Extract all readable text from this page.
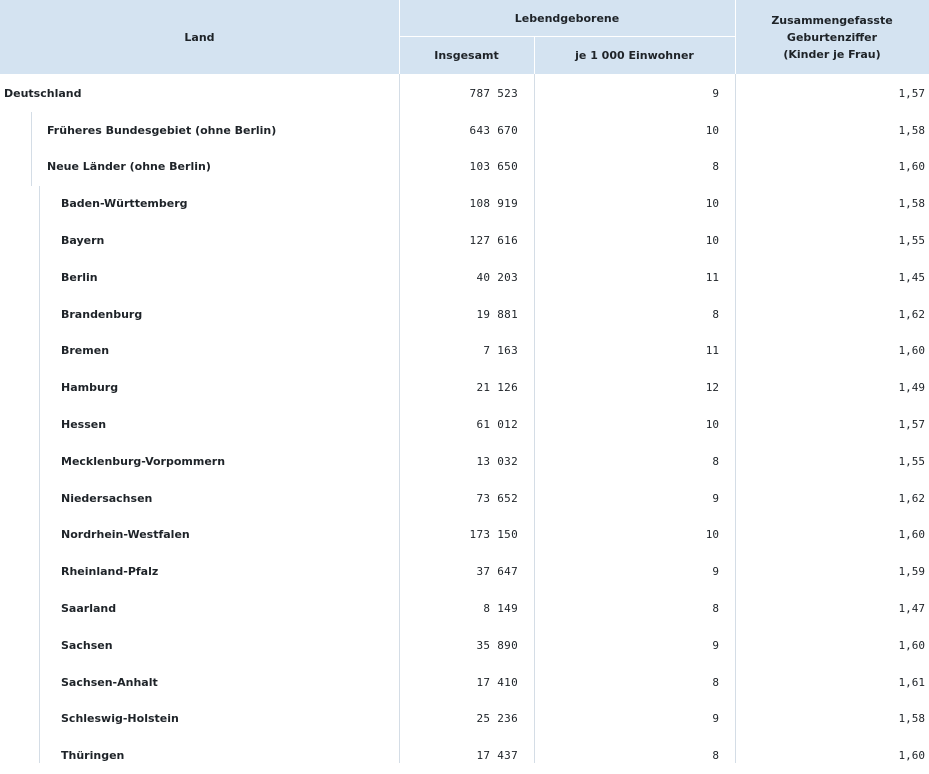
Land
Lebendgeborene
Insgesamt	je 1 000 Einwohner
Zusammengefasste
Geburtenziffer
(Kinder je Frau)
Deutschland	787 523	9	1,57
Früheres Bundesgebiet (ohne Berlin)	643 670	10	1,58
Neue Länder (ohne Berlin)	103 650	8	1,60
Baden-Württemberg	108 919	10	1,58
Bayern	127 616	10	1,55
Berlin	40 203	11	1,45
Brandenburg	19 881	8	1,62
Bremen	7 163	11	1,60
Hamburg	21 126	12	1,49
Hessen	61 012	10	1,57
Mecklenburg-Vorpommern	13 032	8	1,55
Niedersachsen	73 652	9	1,62
Nordrhein-Westfalen	173 150	10	1,60
Rheinland-Pfalz	37 647	9	1,59
Saarland	8 149	8	1,47
Sachsen	35 890	9	1,60
Sachsen-Anhalt	17 410	8	1,61
Schleswig-Holstein	25 236	9	1,58
Thüringen	17 437	8	1,60
